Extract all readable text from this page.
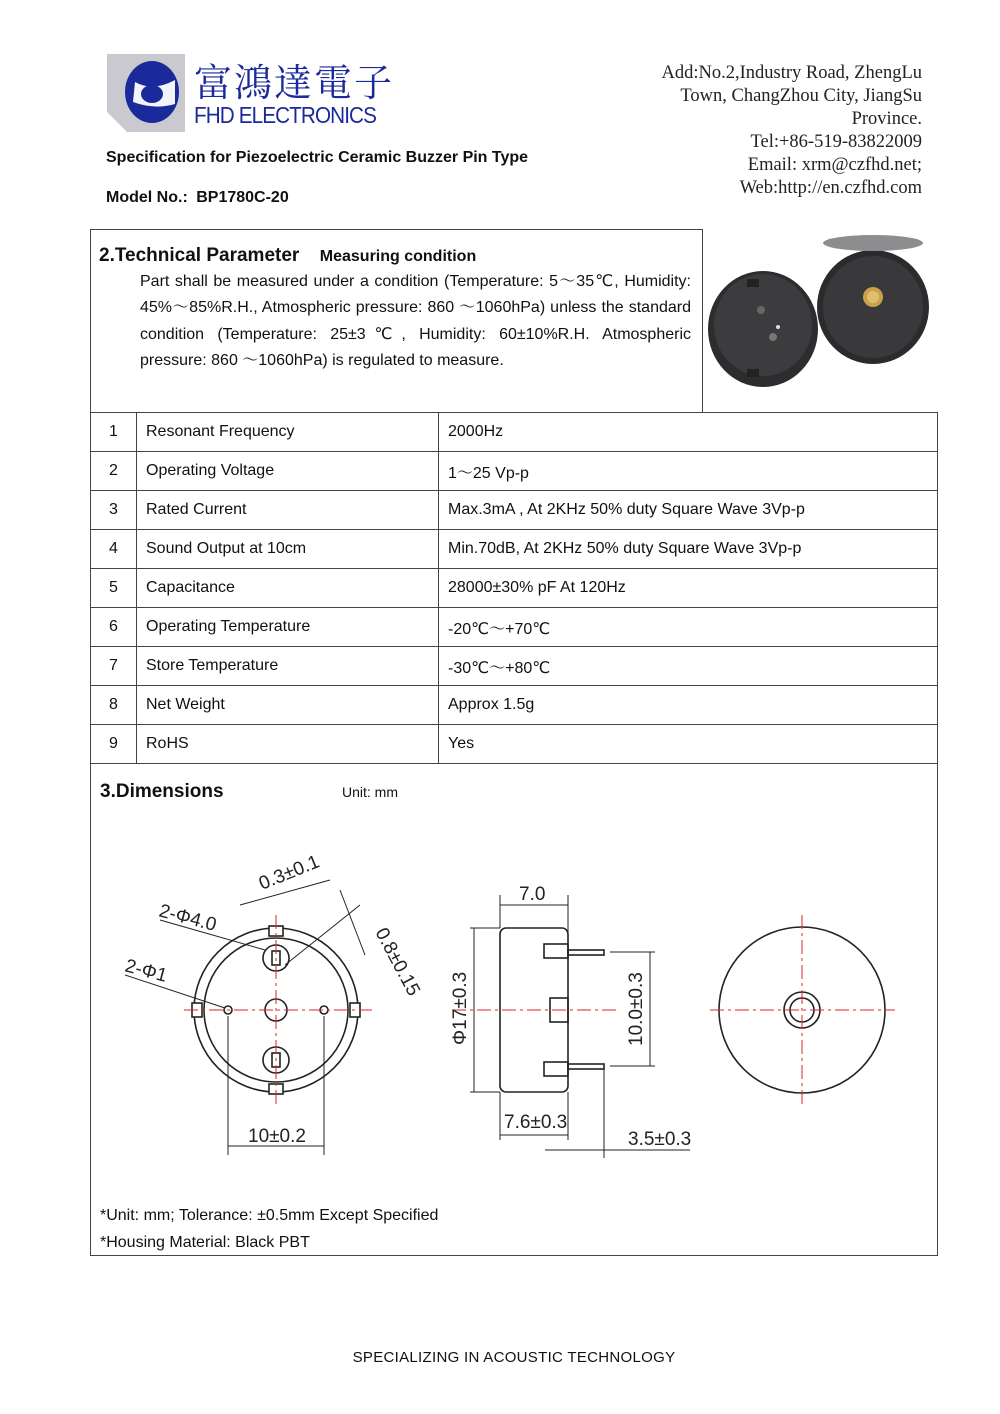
富鴻達電子
FHD ELECTRONICS
Specification for Piezoelectric Ceramic Buzzer Pin Type
Model No.: BP1780C-20
Add:No.2,Industry Road, ZhengLu
Town, ChangZhou City, JiangSu
Province.
Tel:+86-519-83822009
Email: xrm@czfhd.net;
Web:http://en.czfhd.com
2.Technical Parameter Measuring condition
Part shall be measured under a condition (Temperature: 5～35℃, Humidity: 45%～85%R.H., Atmospheric pressure: 860 ～1060hPa) unless the standard condition (Temperature: 25±3℃, Humidity: 60±10%R.H. Atmospheric pressure: 860 ～1060hPa) is regulated to measure.
1	Resonant Frequency	2000Hz
2	Operating Voltage	1～25 Vp-p
3	Rated Current	Max.3mA , At 2KHz 50% duty Square Wave 3Vp-p
4	Sound Output at 10cm	Min.70dB, At 2KHz 50% duty Square Wave 3Vp-p
5	Capacitance	28000±30% pF At 120Hz
6	Operating Temperature	-20℃～+70℃
7	Store Temperature	-30℃～+80℃
8	Net Weight	Approx 1.5g
9	RoHS	Yes
3.Dimensions	Unit: mm
0.3±0.1
2-Φ4.0
2-Φ1	0.8±0.15
10±0.2
7.0
Φ17±0.3	10.0±0.3
7.6±0.3
3.5±0.3
*Unit: mm; Tolerance: ±0.5mm Except Specified
*Housing Material: Black PBT
SPECIALIZING IN ACOUSTIC TECHNOLOGY
